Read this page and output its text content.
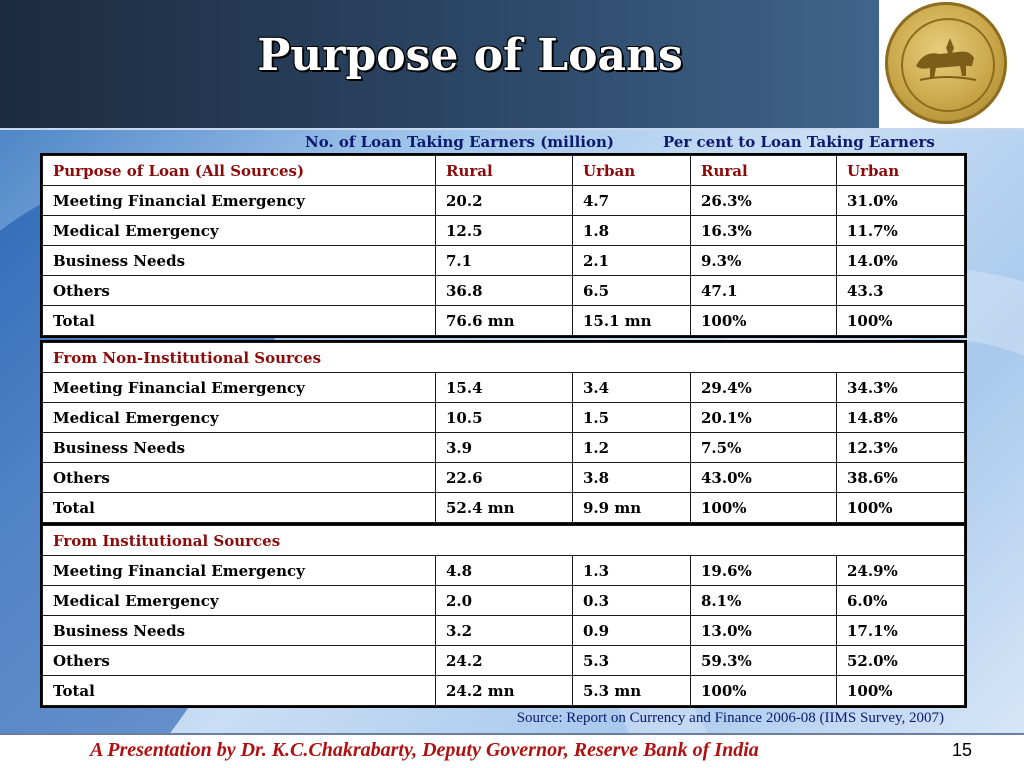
Purpose of Loans
No. of Loan Taking Earners (million)	Per cent to Loan Taking Earners
Purpose of Loan (All Sources)	Rural	Urban	Rural	Urban
Meeting Financial Emergency	20.2	4.7	26.3%	31.0%
Medical Emergency	12.5	1.8	16.3%	11.7%
Business Needs	7.1	2.1	9.3%	14.0%
Others	36.8	6.5	47.1	43.3
Total	76.6 mn	15.1 mn	100%	100%
From Non-Institutional Sources				
Meeting Financial Emergency	15.4	3.4	29.4%	34.3%
Medical Emergency	10.5	1.5	20.1%	14.8%
Business Needs	3.9	1.2	7.5%	12.3%
Others	22.6	3.8	43.0%	38.6%
Total	52.4 mn	9.9 mn	100%	100%
From Institutional Sources				
Meeting Financial Emergency	4.8	1.3	19.6%	24.9%
Medical Emergency	2.0	0.3	8.1%	6.0%
Business Needs	3.2	0.9	13.0%	17.1%
Others	24.2	5.3	59.3%	52.0%
Total	24.2 mn	5.3 mn	100%	100%
Source: Report on Currency and Finance 2006-08 (IIMS Survey, 2007)
A Presentation by Dr. K.C.Chakrabarty, Deputy Governor, Reserve Bank of India	15
